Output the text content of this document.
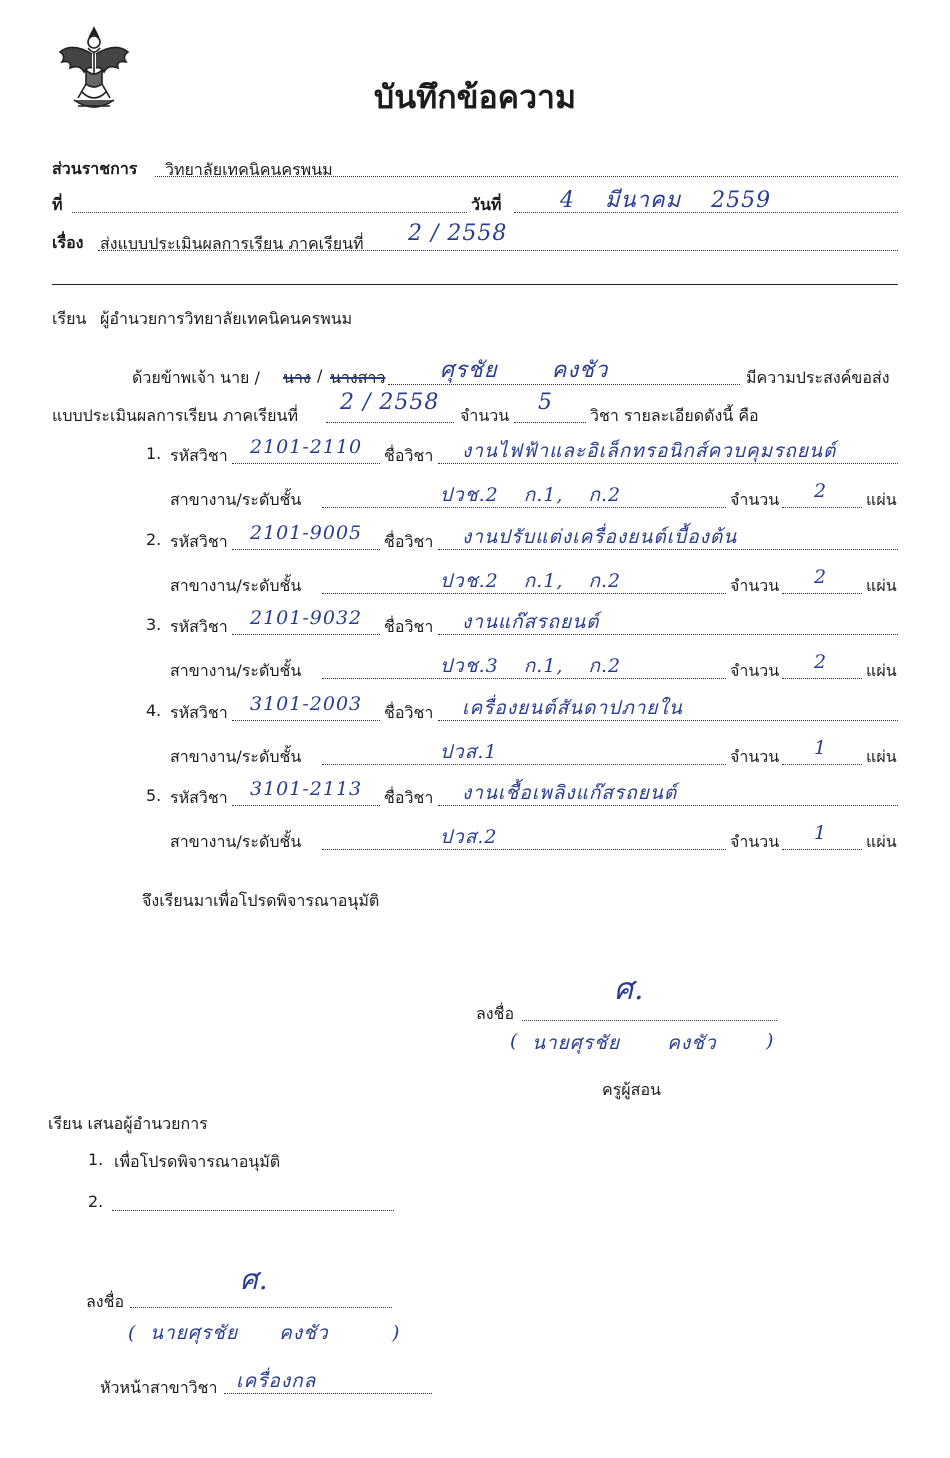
บันทึกข้อความ
ส่วนราชการ วิทยาลัยเทคนิคนครพนม
ที่	วันที่	4 มีนาคม 2559
เรื่อง ส่งแบบประเมินผลการเรียน ภาคเรียนที่ 2 / 2558
เรียน ผู้อำนวยการวิทยาลัยเทคนิคนครพนม
ด้วยข้าพเจ้า นาย / นาง / นางสาว ศุรชัย คงชัว	มีความประสงค์ขอส่ง
แบบประเมินผลการเรียน ภาคเรียนที่
2 / 2558
จำนวน
5
วิชา รายละเอียดดังนี้ คือ
1. รหัสวิชา 2101-2110 ชื่อวิชา งานไฟฟ้าและอิเล็กทรอนิกส์ควบคุมรถยนต์
สาขางาน/ระดับชั้น	ปวช.2 ก.1, ก.2	จำนวน 2 แผ่น
2. รหัสวิชา 2101-9005 ชื่อวิชา งานปรับแต่งเครื่องยนต์เบื้องต้น
สาขางาน/ระดับชั้น	ปวช.2 ก.1, ก.2	จำนวน 2 แผ่น
3. รหัสวิชา 2101-9032 ชื่อวิชา งานแก๊สรถยนต์
สาขางาน/ระดับชั้น	ปวช.3 ก.1, ก.2	จำนวน 2 แผ่น
4. รหัสวิชา 3101-2003 ชื่อวิชา เครื่องยนต์สันดาปภายใน
สาขางาน/ระดับชั้น	ปวส.1	จำนวน 1 แผ่น
5. รหัสวิชา 3101-2113 ชื่อวิชา งานเชื้อเพลิงแก๊สรถยนต์
สาขางาน/ระดับชั้น	ปวส.2	จำนวน 1 แผ่น
จึงเรียนมาเพื่อโปรดพิจารณาอนุมัติ
ศ.
ลงชื่อ
( นายศุรชัย คงชัว	)
ครูผู้สอน
เรียน เสนอผู้อำนวยการ
1. เพื่อโปรดพิจารณาอนุมัติ
2.
ศ.
ลงชื่อ
( นายศุรชัย คงชัว	)
หัวหน้าสาขาวิชา เครื่องกล
